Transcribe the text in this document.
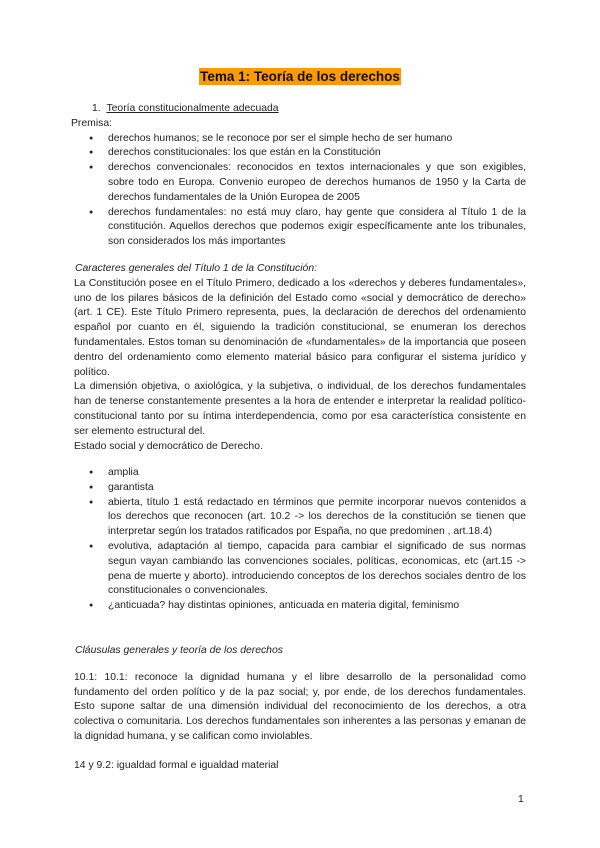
Tema 1: Teoría de los derechos
1. Teoría constitucionalmente adecuada
Premisa:
● derechos humanos; se le reconoce por ser el simple hecho de ser humano
● derechos constitucionales: los que están en la Constitución
● derechos convencionales: reconocidos en textos internacionales y que son exigibles, sobre todo en Europa. Convenio europeo de derechos humanos de 1950 y la Carta de derechos fundamentales de la Unión Europea de 2005
● derechos fundamentales: no está muy claro, hay gente que considera al Título 1 de la constitución. Aquellos derechos que podemos exigir específicamente ante los tribunales, son considerados los más importantes
Caracteres generales del Título 1 de la Constitución:
La Constitución posee en el Título Primero, dedicado a los «derechos y deberes fundamentales», uno de los pilares básicos de la definición del Estado como «social y democrático de derecho» (art. 1 CE). Este Título Primero representa, pues, la declaración de derechos del ordenamiento español por cuanto en él, siguiendo la tradición constitucional, se enumeran los derechos fundamentales. Estos toman su denominación de «fundamentales» de la importancia que poseen dentro del ordenamiento como elemento material básico para configurar el sistema jurídico y político.
La dimensión objetiva, o axiológica, y la subjetiva, o individual, de los derechos fundamentales han de tenerse constantemente presentes a la hora de entender e interpretar la realidad político-constitucional tanto por su íntima interdependencia, como por esa característica consistente en ser elemento estructural del.
Estado social y democrático de Derecho.
● amplia
● garantista
● abierta, título 1 está redactado en términos que permite incorporar nuevos contenidos a los derechos que reconocen (art. 10.2 -> los derechos de la constitución se tienen que interpretar según los tratados ratificados por España, no que predominen , art.18.4)
● evolutiva, adaptación al tiempo, capacida para cambiar el significado de sus normas segun vayan cambiando las convenciones sociales, políticas, economicas, etc (art.15 -> pena de muerte y aborto). introduciendo conceptos de los derechos sociales dentro de los constitucionales o convencionales.
● ¿anticuada? hay distintas opiniones, anticuada en materia digital, feminismo
Cláusulas generales y teoría de los derechos
10.1: 10.1: reconoce la dignidad humana y el libre desarrollo de la personalidad como fundamento del orden político y de la paz social; y, por ende, de los derechos fundamentales. Esto supone saltar de una dimensión individual del reconocimiento de los derechos, a otra colectiva o comunitaria. Los derechos fundamentales son inherentes a las personas y emanan de la dignidad humana, y se califican como inviolables.
14 y 9.2: igualdad formal e igualdad material
1
